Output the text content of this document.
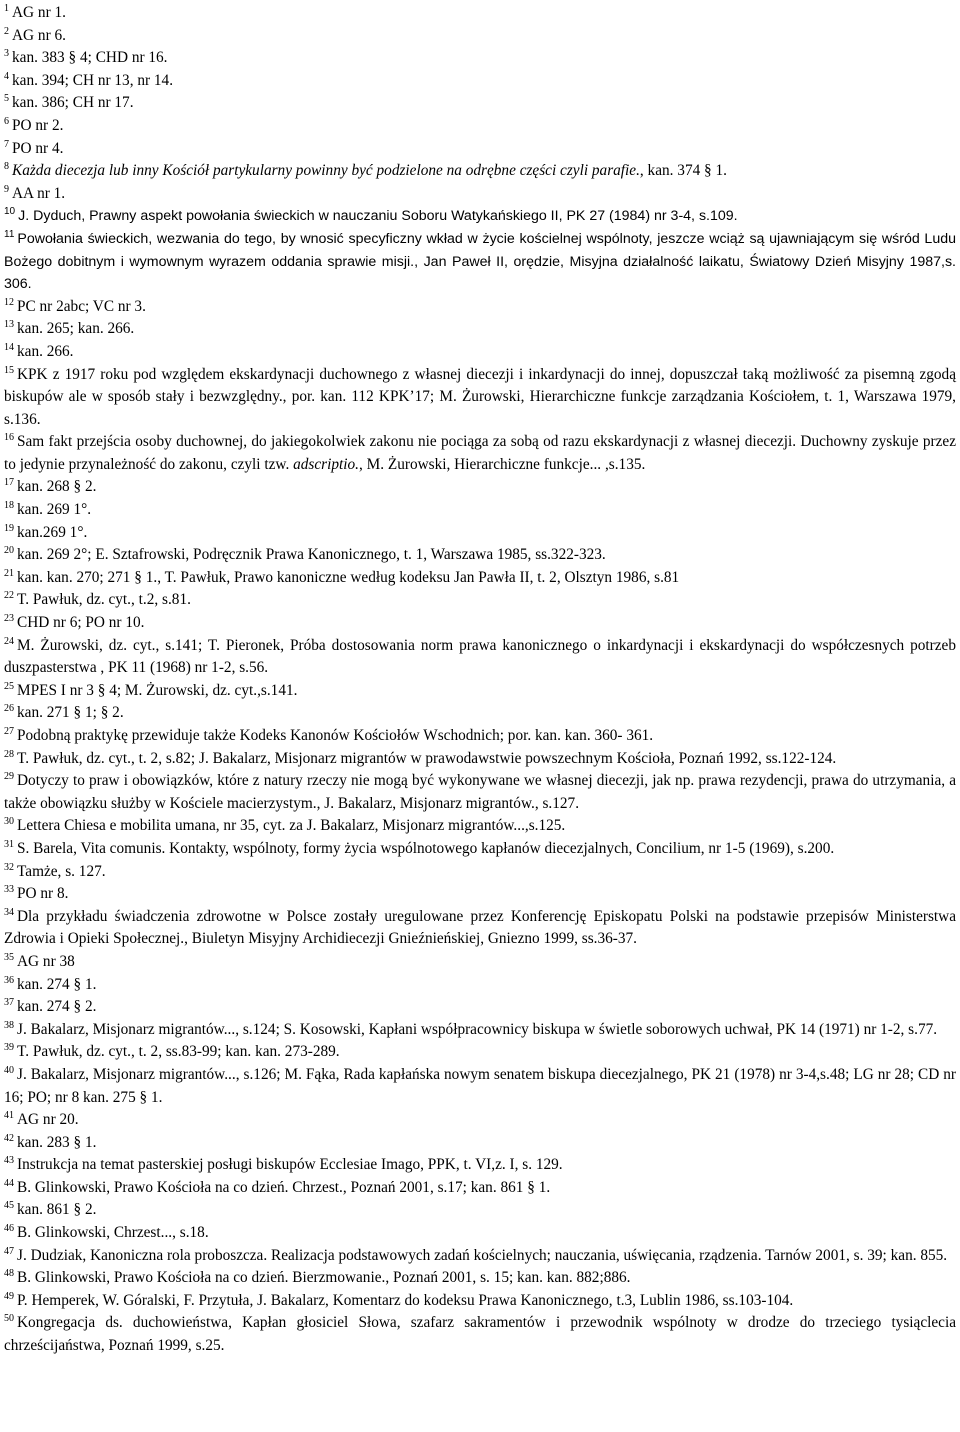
$^1$ AG nr 1.

$^2$ AG nr 6.

$^3$ kan. 383 § 4; CHD nr 16.

$^4$ kan. 394; CH nr 13, nr 14.

$^5$ kan. 386; CH nr 17.

$^6$ PO nr 2.

$^7$ PO nr 4.

$^8$ Każda diecezja lub inny Kościół partykularny powinny być podzielone na odrębne części czyli parafie., kan. 374 § 1.

$^9$ AA nr 1.

$^{10}$ J. Dyduch, Prawny aspekt powołania świeckich w nauczaniu Soboru Watykańskiego II, PK 27 (1984) nr 3-4, s.109.

$^{11}$ Powołania świeckich, wezwania do tego, by wnosić specyficzny wkład w życie kościelnej wspólnoty, jeszcze wciąż są ujawniającym się wśród Ludu Bożego dobitnym i wymownym wyrazem oddania sprawie misji., Jan Paweł II, orędzie, Misyjna działalność laikatu, Światowy Dzień Misyjny 1987,s. 306.

$^{12}$ PC nr 2abc; VC nr 3.

$^{13}$ kan. 265; kan. 266.

$^{14}$ kan. 266.

$^{15}$ KPK z 1917 roku pod względem ekskardynacji duchownego z własnej diecezji i inkardynacji do innej, dopuszczał taką możliwość za pisemną zgodą biskupów ale w sposób stały i bezwzględny., por. kan. 112 KPK’17; M. Żurowski, Hierarchiczne funkcje zarządzania Kościołem, t. 1, Warszawa 1979, s.136.

$^{16}$ Sam fakt przejścia osoby duchownej, do jakiegokolwiek zakonu nie pociąga za sobą od razu ekskardynacji z własnej diecezji. Duchowny zyskuje przez to jedynie przynależność do zakonu, czyli tzw. adscriptio., M. Żurowski, Hierarchiczne funkcje... ,s.135.

$^{17}$ kan. 268 § 2.

$^{18}$ kan. 269 1°.

$^{19}$ kan.269 1°.

$^{20}$ kan. 269 2°; E. Sztafrowski, Podręcznik Prawa Kanonicznego, t. 1, Warszawa 1985, ss.322-323.

$^{21}$ kan. kan. 270; 271 § 1., T. Pawłuk, Prawo kanoniczne według kodeksu Jan Pawła II, t. 2, Olsztyn 1986, s.81

$^{22}$ T. Pawłuk, dz. cyt., t.2, s.81.

$^{23}$ CHD nr 6; PO nr 10.

$^{24}$ M. Żurowski, dz. cyt., s.141; T. Pieronek, Próba dostosowania norm prawa kanonicznego o inkardynacji i ekskardynacji do współczesnych potrzeb duszpasterstwa , PK 11 (1968) nr 1-2, s.56.

$^{25}$ MPES I nr 3 § 4; M. Żurowski, dz. cyt.,s.141.

$^{26}$ kan. 271 § 1; § 2.

$^{27}$ Podobną praktykę przewiduje także Kodeks Kanonów Kościołów Wschodnich; por. kan. kan. 360- 361.

$^{28}$ T. Pawłuk, dz. cyt., t. 2, s.82; J. Bakalarz, Misjonarz migrantów w prawodawstwie powszechnym Kościoła, Poznań 1992, ss.122-124.

$^{29}$ Dotyczy to praw i obowiązków, które z natury rzeczy nie mogą być wykonywane we własnej diecezji, jak np. prawa rezydencji, prawa do utrzymania, a także obowiązku służby w Kościele macierzystym., J. Bakalarz, Misjonarz migrantów., s.127.

$^{30}$ Lettera Chiesa e mobilita umana, nr 35, cyt. za J. Bakalarz, Misjonarz migrantów...,s.125.

$^{31}$ S. Barela, Vita comunis. Kontakty, wspólnoty, formy życia wspólnotowego kapłanów diecezjalnych, Concilium, nr 1-5 (1969), s.200.

$^{32}$ Tamże, s. 127.

$^{33}$ PO nr 8.

$^{34}$ Dla przykładu świadczenia zdrowotne w Polsce zostały uregulowane przez Konferencję Episkopatu Polski na podstawie przepisów Ministerstwa Zdrowia i Opieki Społecznej., Biuletyn Misyjny Archidiecezji Gnieźnieńskiej, Gniezno 1999, ss.36-37.

$^{35}$ AG nr 38

$^{36}$ kan. 274 § 1.

$^{37}$ kan. 274 § 2.

$^{38}$ J. Bakalarz, Misjonarz migrantów..., s.124; S. Kosowski, Kapłani współpracownicy biskupa w świetle soborowych uchwał, PK 14 (1971) nr 1-2, s.77.

$^{39}$ T. Pawłuk, dz. cyt., t. 2, ss.83-99; kan. kan. 273-289.

$^{40}$ J. Bakalarz, Misjonarz migrantów..., s.126; M. Fąka, Rada kapłańska nowym senatem biskupa diecezjalnego, PK 21 (1978) nr 3-4,s.48; LG nr 28; CD nr 16; PO; nr 8 kan. 275 § 1.

$^{41}$ AG nr 20.

$^{42}$ kan. 283 § 1.

$^{43}$ Instrukcja na temat pasterskiej posługi biskupów Ecclesiae Imago, PPK, t. VI,z. I, s. 129.

$^{44}$ B. Glinkowski, Prawo Kościoła na co dzień. Chrzest., Poznań 2001, s.17; kan. 861 § 1.

$^{45}$ kan. 861 § 2.

$^{46}$ B. Glinkowski, Chrzest..., s.18.

$^{47}$ J. Dudziak, Kanoniczna rola proboszcza. Realizacja podstawowych zadań kościelnych; nauczania, uświęcania, rządzenia. Tarnów 2001, s. 39; kan. 855.

$^{48}$ B. Glinkowski, Prawo Kościoła na co dzień. Bierzmowanie., Poznań 2001, s. 15; kan. kan. 882;886.

$^{49}$ P. Hemperek, W. Góralski, F. Przytuła, J. Bakalarz, Komentarz do kodeksu Prawa Kanonicznego, t.3, Lublin 1986, ss.103-104.

$^{50}$ Kongregacja ds. duchowieństwa, Kapłan głosiciel Słowa, szafarz sakramentów i przewodnik wspólnoty w drodze do trzeciego tysiąclecia chrześcijaństwa, Poznań 1999, s.25.
